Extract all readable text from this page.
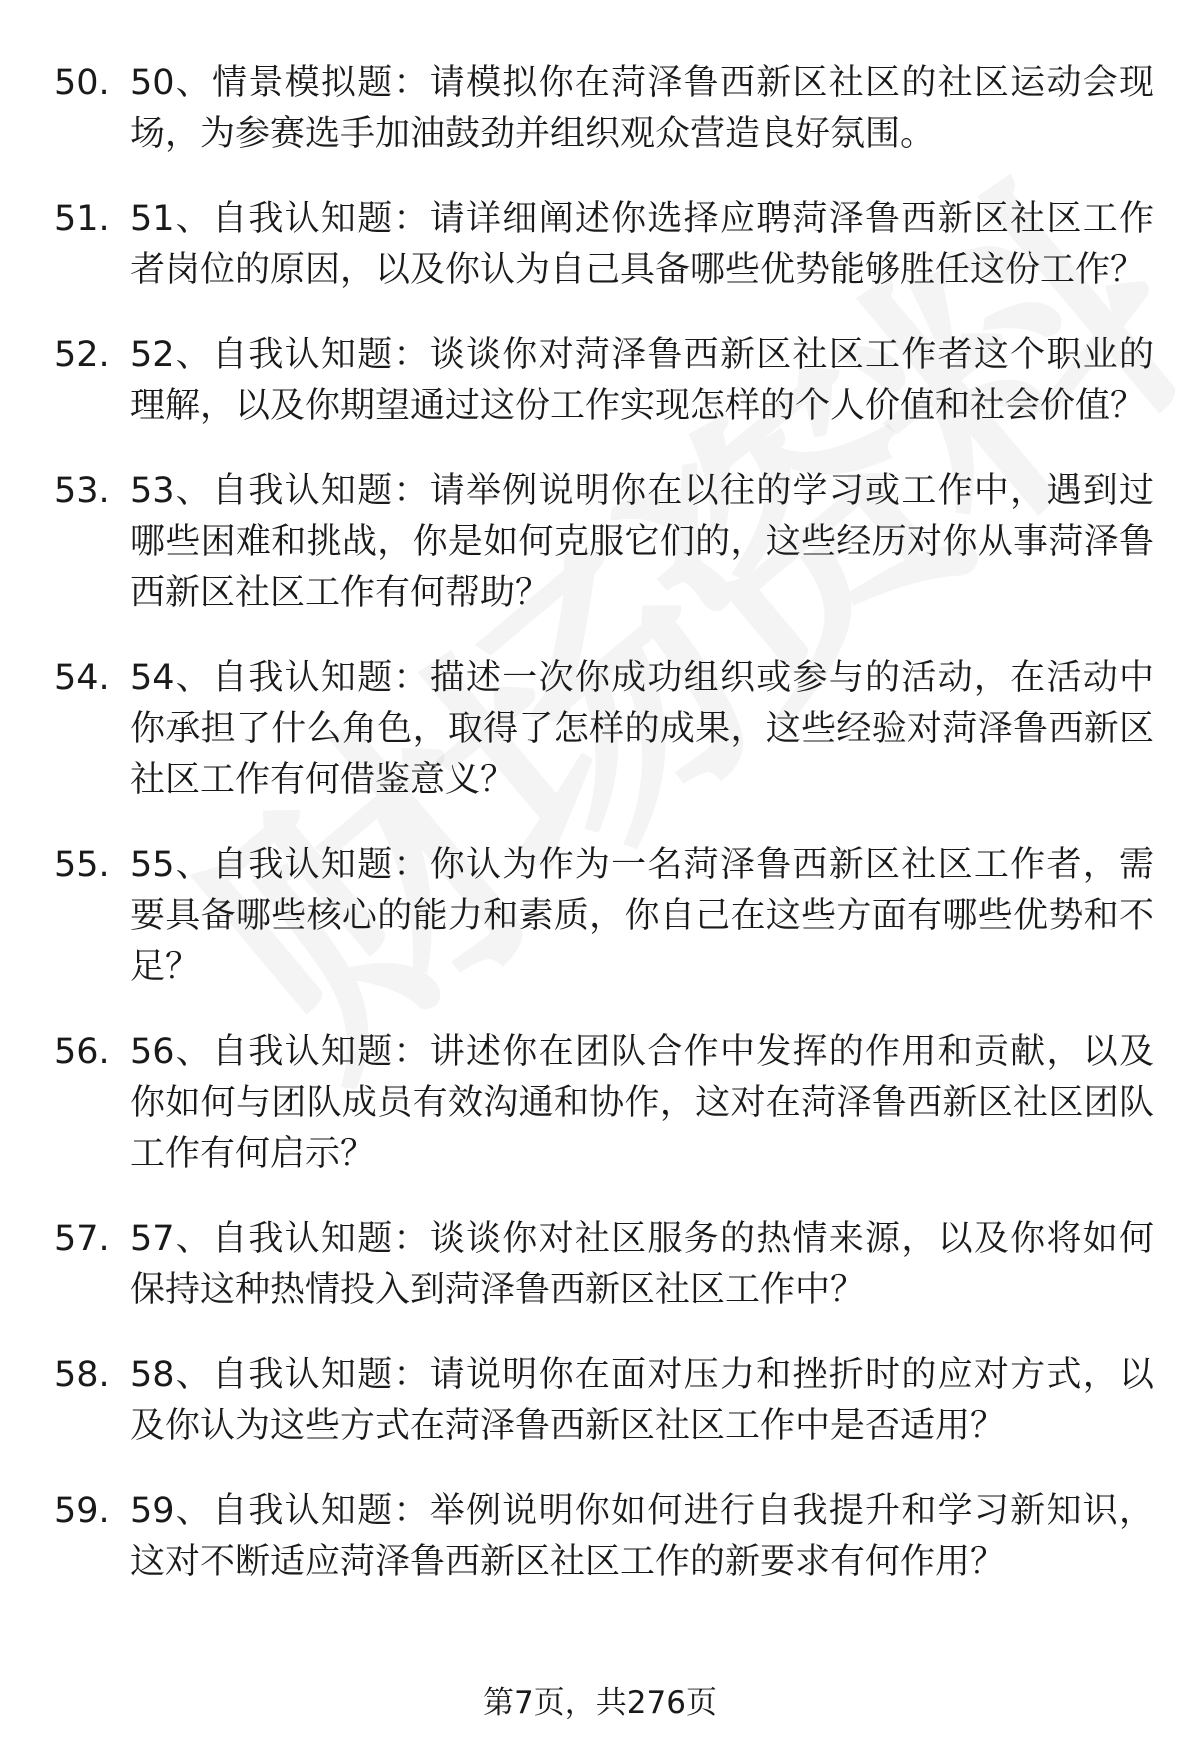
50. 50、情景模拟题：请模拟你在菏泽鲁西新区社区的社区运动会现场，为参赛选手加油鼓劲并组织观众营造良好氛围。
51. 51、自我认知题：请详细阐述你选择应聘菏泽鲁西新区社区工作者岗位的原因，以及你认为自己具备哪些优势能够胜任这份工作？
52. 52、自我认知题：谈谈你对菏泽鲁西新区社区工作者这个职业的理解，以及你期望通过这份工作实现怎样的个人价值和社会价值？
53. 53、自我认知题：请举例说明你在以往的学习或工作中，遇到过哪些困难和挑战，你是如何克服它们的，这些经历对你从事菏泽鲁西新区社区工作有何帮助？
54. 54、自我认知题：描述一次你成功组织或参与的活动，在活动中你承担了什么角色，取得了怎样的成果，这些经验对菏泽鲁西新区社区工作有何借鉴意义？
55. 55、自我认知题：你认为作为一名菏泽鲁西新区社区工作者，需要具备哪些核心的能力和素质，你自己在这些方面有哪些优势和不足？
56. 56、自我认知题：讲述你在团队合作中发挥的作用和贡献，以及你如何与团队成员有效沟通和协作，这对在菏泽鲁西新区社区团队工作有何启示？
57. 57、自我认知题：谈谈你对社区服务的热情来源，以及你将如何保持这种热情投入到菏泽鲁西新区社区工作中？
58. 58、自我认知题：请说明你在面对压力和挫折时的应对方式，以及你认为这些方式在菏泽鲁西新区社区工作中是否适用？
59. 59、自我认知题：举例说明你如何进行自我提升和学习新知识，这对不断适应菏泽鲁西新区社区工作的新要求有何作用？
第7页，共276页
